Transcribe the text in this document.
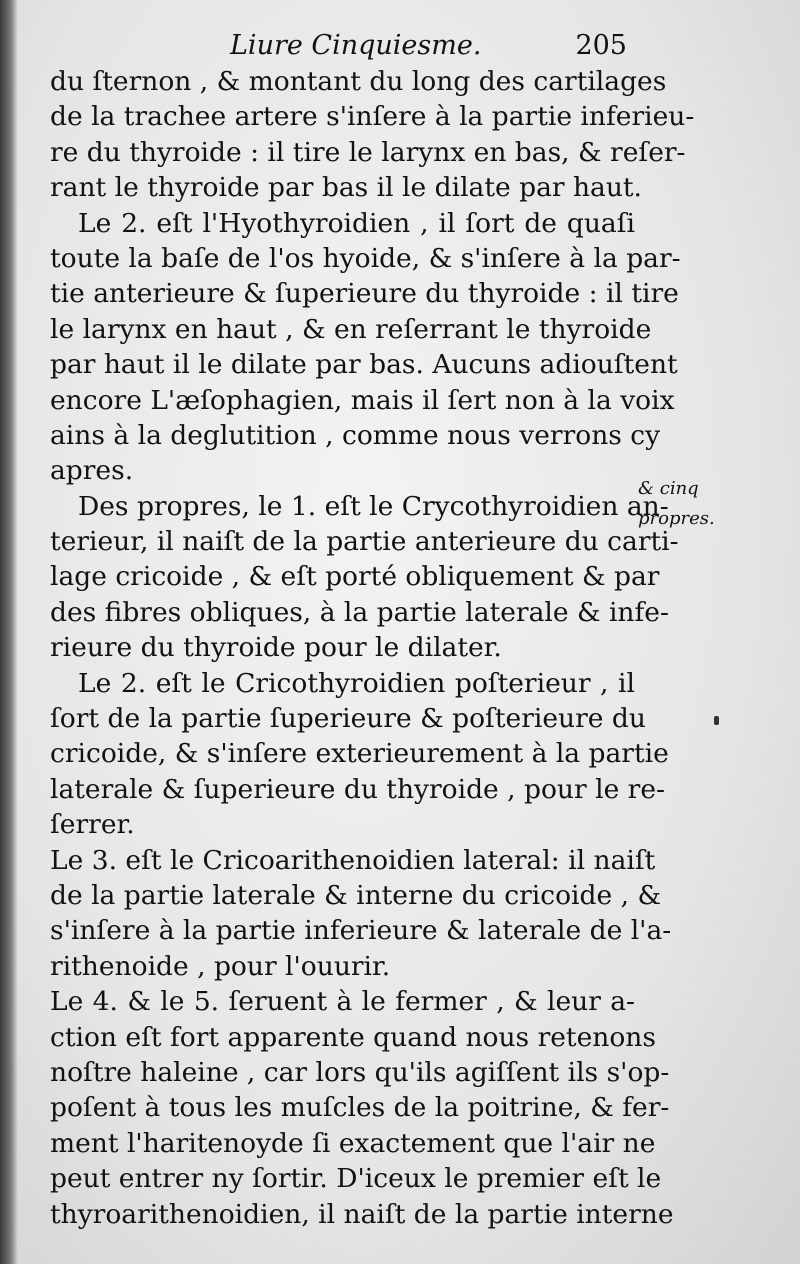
Liure Cinquiesme.	205
du ſternon , & montant du long des cartilages
de la trachee artere s'inſere à la partie inferieu-
re du thyroide : il tire le larynx en bas, & reſer-
rant le thyroide par bas il le dilate par haut.
Le 2. eſt l'Hyothyroidien , il ſort de quaſi
toute la baſe de l'os hyoide, & s'inſere à la par-
tie anterieure & ſuperieure du thyroide : il tire
le larynx en haut , & en reſerrant le thyroide
par haut il le dilate par bas. Aucuns adiouſtent
encore L'æſophagien, mais il ſert non à la voix
ains à la deglutition , comme nous verrons cy
apres.
Des propres, le 1. eſt le Crycothyroidien an-
terieur, il naiſt de la partie anterieure du carti-
lage cricoide , & eſt porté obliquement & par
des fibres obliques, à la partie laterale & infe-
rieure du thyroide pour le dilater.
Le 2. eſt le Cricothyroidien poſterieur , il
ſort de la partie ſuperieure & poſterieure du
cricoide, & s'inſere exterieurement à la partie
laterale & ſuperieure du thyroide , pour le re-
ſerrer.
Le 3. eſt le Cricoarithenoidien lateral: il naiſt
de la partie laterale & interne du cricoide , &
s'inſere à la partie inferieure & laterale de l'a-
rithenoide , pour l'ouurir.
Le 4. & le 5. ſeruent à le fermer , & leur a-
ction eſt fort apparente quand nous retenons
noſtre haleine , car lors qu'ils agiſſent ils s'op-
poſent à tous les muſcles de la poitrine, & fer-
ment l'haritenoyde ſi exactement que l'air ne
peut entrer ny ſortir. D'iceux le premier eſt le
thyroarithenoidien, il naiſt de la partie interne
& cinq
propres.
